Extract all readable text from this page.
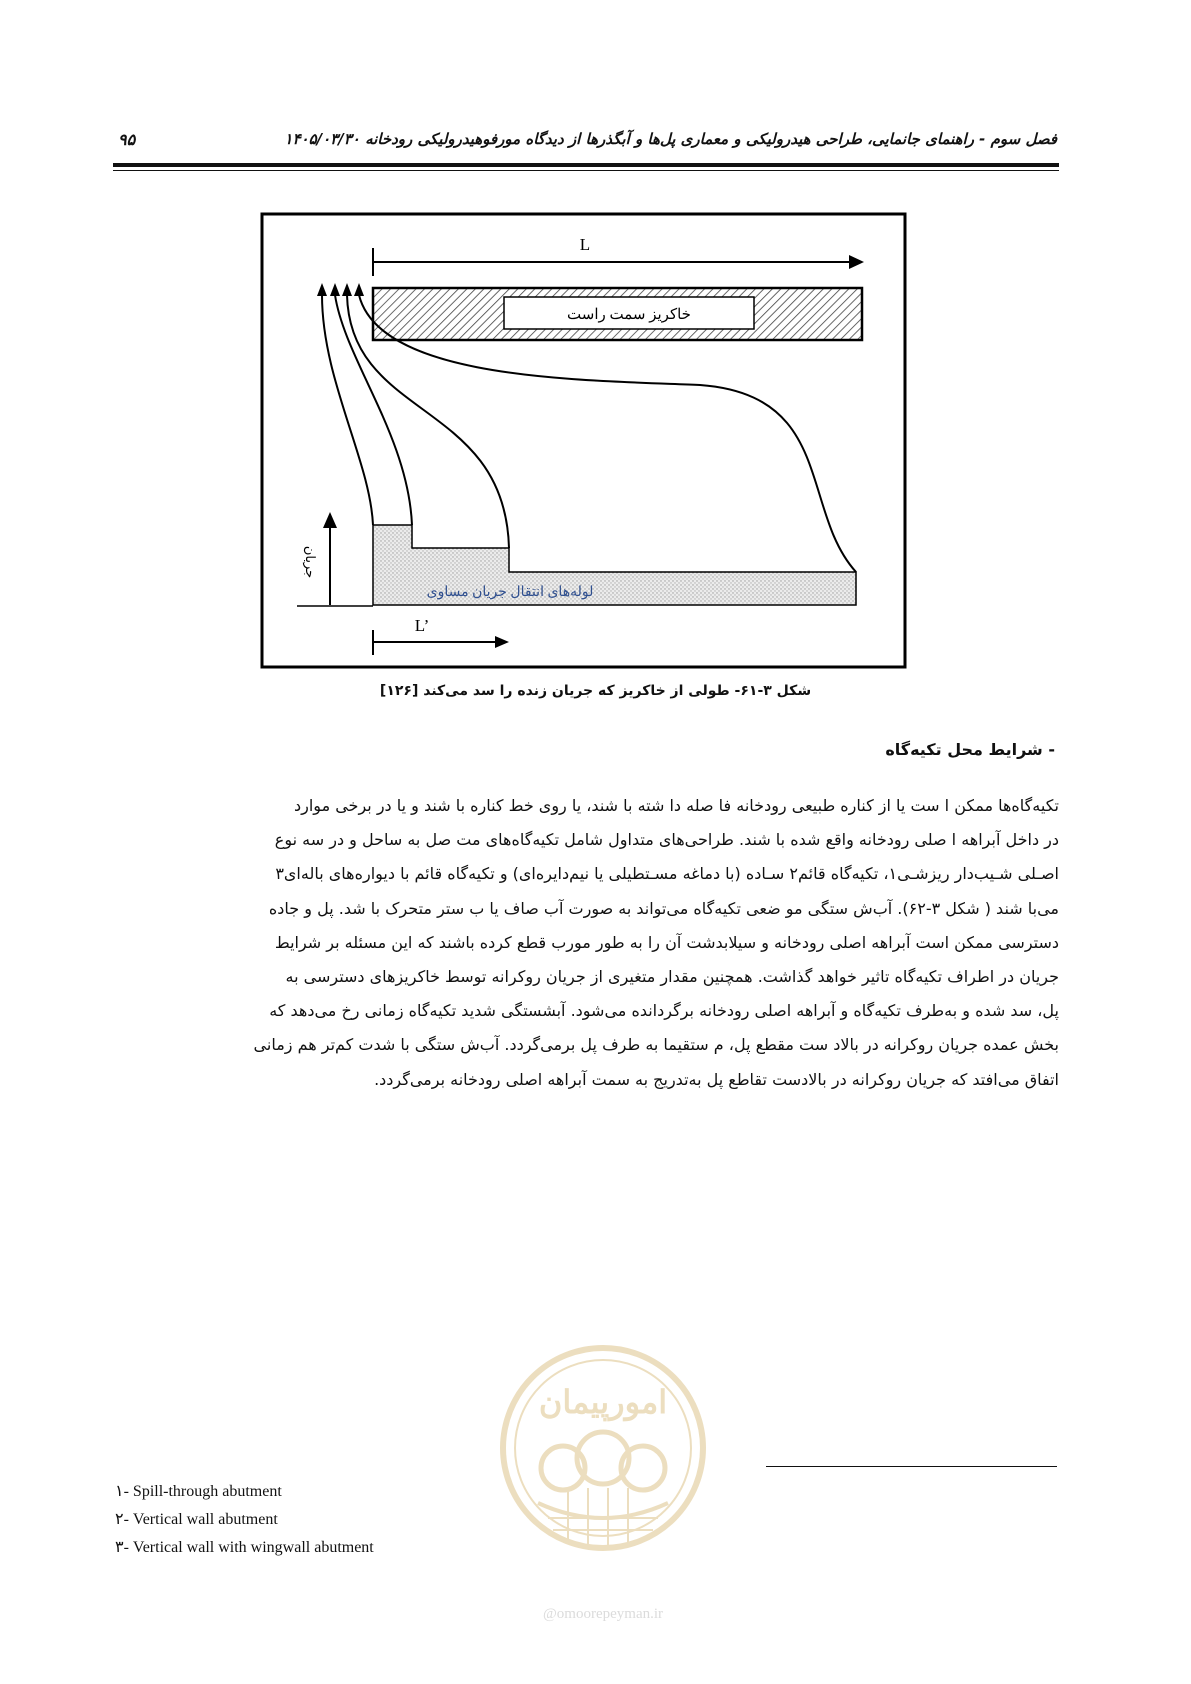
۹۵	فصل سوم - راهنمای جانمایی، طراحی هیدرولیکی و معماری پل‌ها و آبگذرها از دیدگاه مورفوهیدرولیکی رودخانه ۱۴۰۵/۰۳/۳۰
L
خاکریز سمت راست
لوله‌های انتقال جریان مساوی
جریان
L’
شکل ۳-۶۱- طولی از خاکریز که جریان زنده را سد می‌کند [۱۲۶]
- شرایط محل تکیه‌گاه

تکیه‌گاه‌ها ممکن ا ست یا از کناره طبیعی رودخانه فا صله دا شته با شند، یا روی خط کناره با شند و یا در برخی موارد

در داخل آبراهه ا صلی رودخانه واقع شده با شند. طراحی‌های متداول شامل تکیه‌گاه‌های مت صل به ساحل و در سه نوع

اصـلی شـیب‌دار ریزشـی۱، تکیه‌گاه قائم۲ سـاده (با دماغه مسـتطیلی یا نیم‌دایره‌ای) و تکیه‌گاه قائم با دیواره‌های باله‌ای۳

می‌با شند ( شکل ۳-۶۲). آب‌ش ستگی مو ضعی تکیه‌گاه می‌تواند به صورت آب صاف یا ب ستر متحرک با شد. پل و جاده

دسترسی ممکن است آبراهه اصلی رودخانه و سیلابدشت آن را به طور مورب قطع کرده باشند که این مسئله بر شرایط

جریان در اطراف تکیه‌گاه تاثیر خواهد گذاشت. همچنین مقدار متغیری از جریان روکرانه توسط خاکریزهای دسترسی به

پل، سد شده و به‌طرف تکیه‌گاه و آبراهه اصلی رودخانه برگردانده می‌شود. آبشستگی شدید تکیه‌گاه زمانی رخ می‌دهد که

بخش عمده جریان روکرانه در بالاد ست مقطع پل، م ستقیما به طرف پل برمی‌گردد. آب‌ش ستگی با شدت کم‌تر هم زمانی

اتفاق می‌افتد که جریان روکرانه در بالادست تقاطع پل به‌تدریج به سمت آبراهه اصلی رودخانه برمی‌گردد.

امورپیمان
@omoorepeyman.ir
۱- Spill-through abutment
۲- Vertical wall abutment
۳- Vertical wall with wingwall abutment
